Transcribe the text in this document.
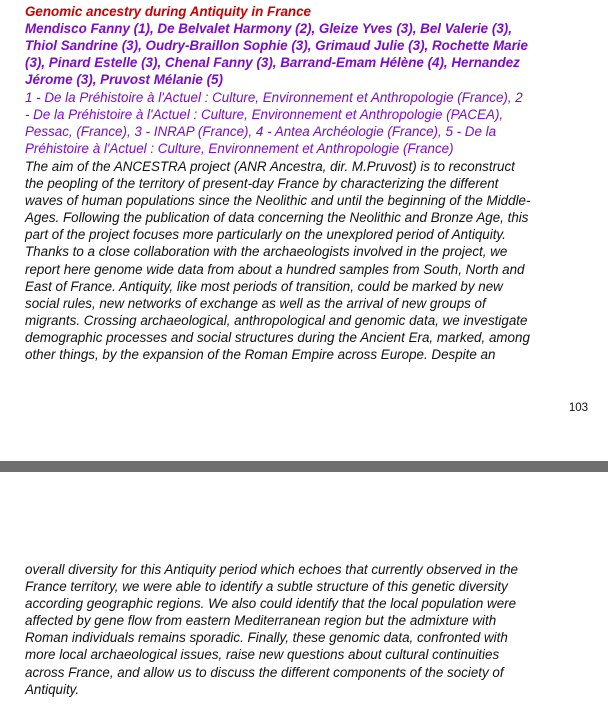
Genomic ancestry during Antiquity in France
Mendisco Fanny (1), De Belvalet Harmony (2), Gleize Yves (3), Bel Valerie (3),
Thiol Sandrine (3), Oudry-Braillon Sophie (3), Grimaud Julie (3), Rochette Marie
(3), Pinard Estelle (3), Chenal Fanny (3), Barrand-Emam Hélène (4), Hernandez
Jérome (3), Pruvost Mélanie (5)
1 - De la Préhistoire à l'Actuel : Culture, Environnement et Anthropologie (France), 2
- De la Préhistoire à l'Actuel : Culture, Environnement et Anthropologie (PACEA),
Pessac, (France), 3 - INRAP (France), 4 - Antea Archéologie (France), 5 - De la
Préhistoire à l'Actuel : Culture, Environnement et Anthropologie (France)
The aim of the ANCESTRA project (ANR Ancestra, dir. M.Pruvost) is to reconstruct
the peopling of the territory of present-day France by characterizing the different
waves of human populations since the Neolithic and until the beginning of the Middle-
Ages. Following the publication of data concerning the Neolithic and Bronze Age, this
part of the project focuses more particularly on the unexplored period of Antiquity.
Thanks to a close collaboration with the archaeologists involved in the project, we
report here genome wide data from about a hundred samples from South, North and
East of France. Antiquity, like most periods of transition, could be marked by new
social rules, new networks of exchange as well as the arrival of new groups of
migrants. Crossing archaeological, anthropological and genomic data, we investigate
demographic processes and social structures during the Ancient Era, marked, among
other things, by the expansion of the Roman Empire across Europe. Despite an
103
overall diversity for this Antiquity period which echoes that currently observed in the
France territory, we were able to identify a subtle structure of this genetic diversity
according geographic regions. We also could identify that the local population were
affected by gene flow from eastern Mediterranean region but the admixture with
Roman individuals remains sporadic. Finally, these genomic data, confronted with
more local archaeological issues, raise new questions about cultural continuities
across France, and allow us to discuss the different components of the society of
Antiquity.
